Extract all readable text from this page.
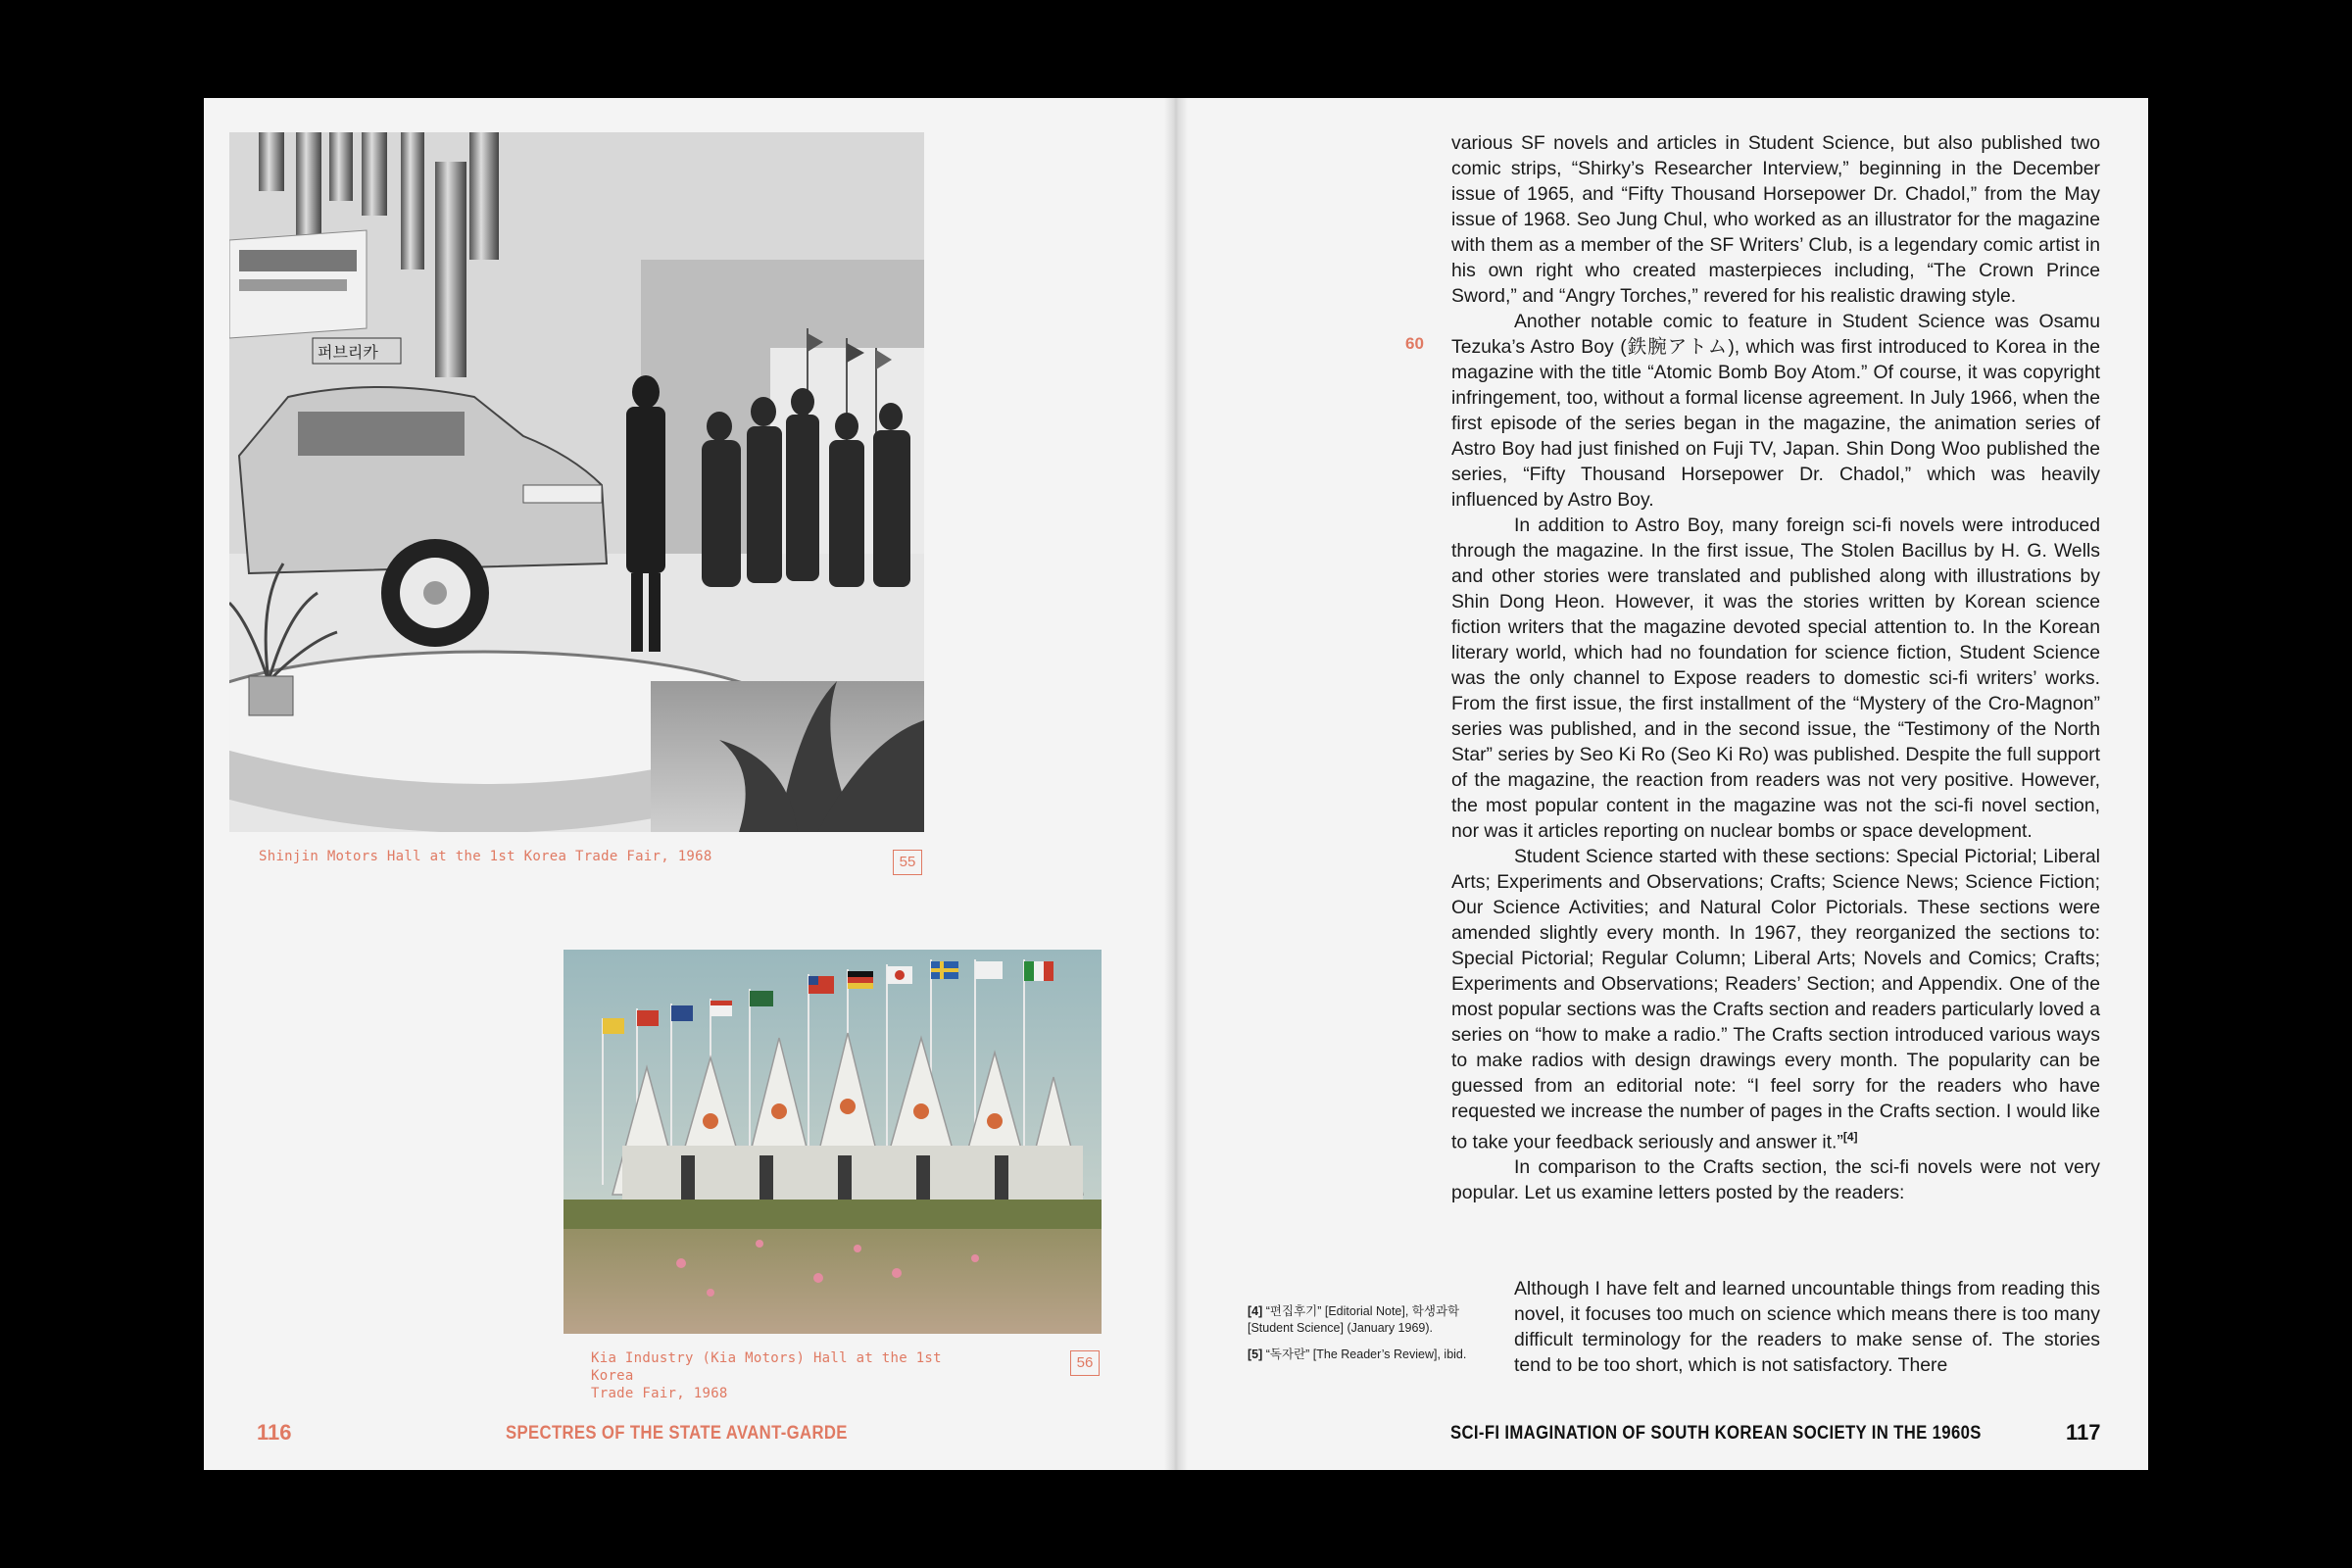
퍼브리카
Shinjin Motors Hall at the 1st Korea Trade Fair, 1968	55
Kia Industry (Kia Motors) Hall at the 1st Korea
Trade Fair, 1968
56
116	SPECTRES OF THE STATE AVANT-GARDE
60

various SF novels and articles in Student Science, but also published two comic strips, “Shirky’s Researcher Interview,” beginning in the December issue of 1965, and “Fifty Thousand Horsepower Dr. Chadol,” from the May issue of 1968. Seo Jung Chul, who worked as an illustrator for the magazine with them as a member of the SF Writers’ Club, is a legendary comic artist in his own right who created masterpieces including, “The Crown Prince Sword,” and “Angry Torches,” revered for his realistic drawing style.

Another notable comic to feature in Student Science was Osamu Tezuka’s Astro Boy (鉄腕アトム), which was first introduced to Korea in the magazine with the title “Atomic Bomb Boy Atom.” Of course, it was copyright infringement, too, without a formal license agreement. In July 1966, when the first episode of the series began in the magazine, the animation series of Astro Boy had just finished on Fuji TV, Japan. Shin Dong Woo published the series, “Fifty Thousand Horsepower Dr. Chadol,” which was heavily influenced by Astro Boy.

In addition to Astro Boy, many foreign sci-fi novels were introduced through the magazine. In the first issue, The Stolen Bacillus by H. G. Wells and other stories were translated and published along with illustrations by Shin Dong Heon. However, it was the stories written by Korean science fiction writers that the magazine devoted special attention to. In the Korean literary world, which had no foundation for science fiction, Student Science was the only channel to Expose readers to domestic sci-fi writers’ works. From the first issue, the first installment of the “Mystery of the Cro-Magnon” series was published, and in the second issue, the “Testimony of the North Star” series by Seo Ki Ro (Seo Ki Ro) was published. Despite the full support of the magazine, the reaction from readers was not very positive. However, the most popular content in the magazine was not the sci-fi novel section, nor was it articles reporting on nuclear bombs or space development.

Student Science started with these sections: Special Pictorial; Liberal Arts; Experiments and Observations; Crafts; Science News; Science Fiction; Our Science Activities; and Natural Color Pictorials. These sections were amended slightly every month. In 1967, they reorganized the sections to: Special Pictorial; Regular Column; Liberal Arts; Novels and Comics; Crafts; Experiments and Observations; Readers’ Section; and Appendix. One of the most popular sections was the Crafts section and readers particularly loved a series on “how to make a radio.” The Crafts section introduced various ways to make radios with design drawings every month. The popularity can be guessed from an editorial note: “I feel sorry for the readers who have requested we increase the number of pages in the Crafts section. I would like to take your feedback seriously and answer it.”[4]

In comparison to the Crafts section, the sci-fi novels were not very popular. Let us examine letters posted by the readers:

Although I have felt and learned uncountable things from reading this novel, it focuses too much on science which means there is too many difficult terminology for the readers to make sense of. The stories tend to be too short, which is not satisfactory. There
[4] “편집후기” [Editorial Note], 학생과학 [Student Science] (January 1969).
[5] “독자란” [The Reader’s Review], ibid.
SCI-FI IMAGINATION OF SOUTH KOREAN SOCIETY IN THE 1960S	117
